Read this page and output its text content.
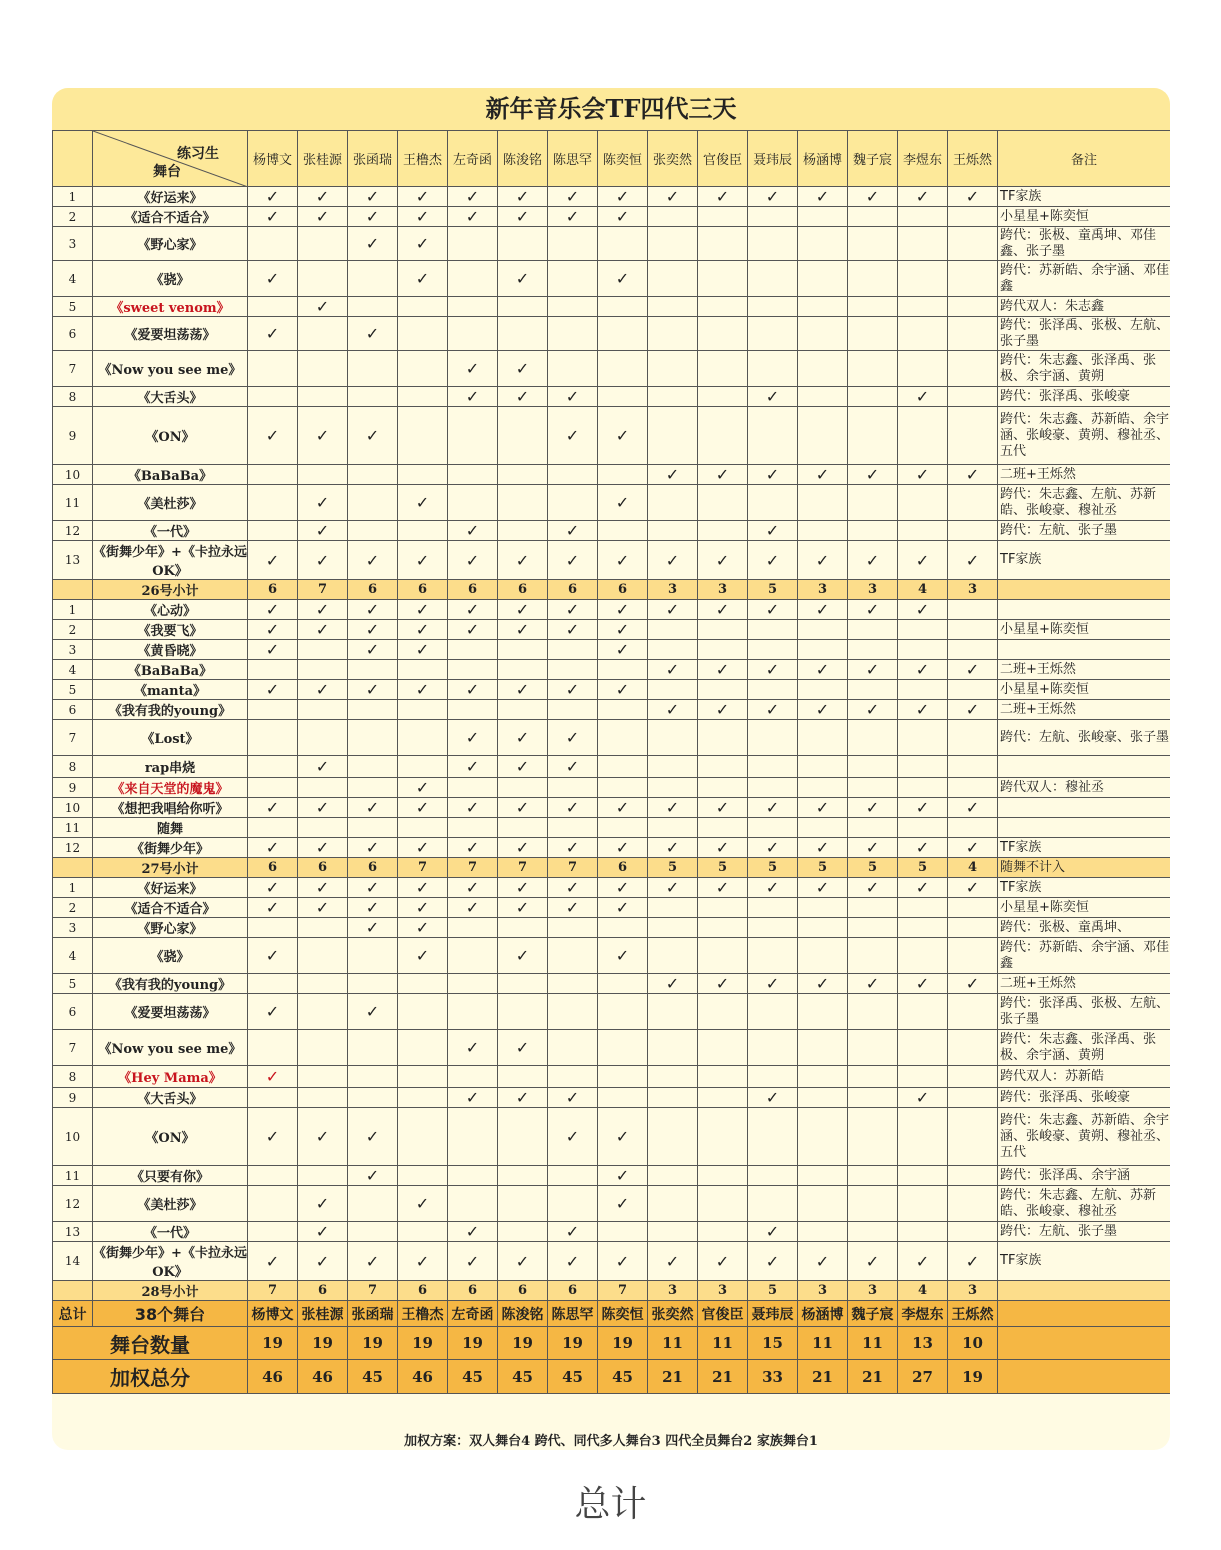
新年音乐会TF四代三天

	练习生
舞台	杨博文	张桂源	张函瑞	王橹杰	左奇函	陈浚铭	陈思罕	陈奕恒	张奕然	官俊臣	聂玮辰	杨涵博	魏子宸	李煜东	王烁然	备注
1	《好运来》	✓	✓	✓	✓	✓	✓	✓	✓	✓	✓	✓	✓	✓	✓	✓	TF家族
2	《适合不适合》	✓	✓	✓	✓	✓	✓	✓	✓								小星星+陈奕恒
3	《野心家》			✓	✓												跨代：张极、童禹坤、邓佳鑫、张子墨
4	《骁》	✓			✓		✓		✓								跨代：苏新皓、余宇涵、邓佳鑫
5	《sweet venom》		✓														跨代双人：朱志鑫
6	《爱要坦荡荡》	✓		✓													跨代：张泽禹、张极、左航、张子墨
7	《Now you see me》					✓	✓										跨代：朱志鑫、张泽禹、张极、余宇涵、黄朔
8	《大舌头》					✓	✓	✓				✓			✓		跨代：张泽禹、张峻豪
9	《ON》	✓	✓	✓				✓	✓								跨代：朱志鑫、苏新皓、余宇涵、张峻豪、黄朔、穆祉丞、五代
10	《BaBaBa》									✓	✓	✓	✓	✓	✓	✓	二班+王烁然
11	《美杜莎》		✓		✓				✓								跨代：朱志鑫、左航、苏新皓、张峻豪、穆祉丞
12	《一代》		✓			✓		✓				✓					跨代：左航、张子墨
13	《街舞少年》+《卡拉永远OK》	✓	✓	✓	✓	✓	✓	✓	✓	✓	✓	✓	✓	✓	✓	✓	TF家族
	26号小计	6	7	6	6	6	6	6	6	3	3	5	3	3	4	3	
1	《心动》	✓	✓	✓	✓	✓	✓	✓	✓	✓	✓	✓	✓	✓	✓		
2	《我要飞》	✓	✓	✓	✓	✓	✓	✓	✓								小星星+陈奕恒
3	《黄昏晓》	✓		✓	✓				✓								
4	《BaBaBa》									✓	✓	✓	✓	✓	✓	✓	二班+王烁然
5	《manta》	✓	✓	✓	✓	✓	✓	✓	✓								小星星+陈奕恒
6	《我有我的young》									✓	✓	✓	✓	✓	✓	✓	二班+王烁然
7	《Lost》					✓	✓	✓									跨代：左航、张峻豪、张子墨
8	rap串烧		✓			✓	✓	✓									
9	《来自天堂的魔鬼》				✓												跨代双人：穆祉丞
10	《想把我唱给你听》	✓	✓	✓	✓	✓	✓	✓	✓	✓	✓	✓	✓	✓	✓	✓	
11	随舞																
12	《街舞少年》	✓	✓	✓	✓	✓	✓	✓	✓	✓	✓	✓	✓	✓	✓	✓	TF家族
	27号小计	6	6	6	7	7	7	7	6	5	5	5	5	5	5	4	随舞不计入
1	《好运来》	✓	✓	✓	✓	✓	✓	✓	✓	✓	✓	✓	✓	✓	✓	✓	TF家族
2	《适合不适合》	✓	✓	✓	✓	✓	✓	✓	✓								小星星+陈奕恒
3	《野心家》			✓	✓												跨代：张极、童禹坤、
4	《骁》	✓			✓		✓		✓								跨代：苏新皓、余宇涵、邓佳鑫
5	《我有我的young》									✓	✓	✓	✓	✓	✓	✓	二班+王烁然
6	《爱要坦荡荡》	✓		✓													跨代：张泽禹、张极、左航、张子墨
7	《Now you see me》					✓	✓										跨代：朱志鑫、张泽禹、张极、余宇涵、黄朔
8	《Hey Mama》	✓															跨代双人：苏新皓
9	《大舌头》					✓	✓	✓				✓			✓		跨代：张泽禹、张峻豪
10	《ON》	✓	✓	✓				✓	✓								跨代：朱志鑫、苏新皓、余宇涵、张峻豪、黄朔、穆祉丞、五代
11	《只要有你》			✓					✓								跨代：张泽禹、余宇涵
12	《美杜莎》		✓		✓				✓								跨代：朱志鑫、左航、苏新皓、张峻豪、穆祉丞
13	《一代》		✓			✓		✓				✓					跨代：左航、张子墨
14	《街舞少年》+《卡拉永远OK》	✓	✓	✓	✓	✓	✓	✓	✓	✓	✓	✓	✓	✓	✓	✓	TF家族
	28号小计	7	6	7	6	6	6	6	7	3	3	5	3	3	4	3	
总计	38个舞台	杨博文	张桂源	张函瑞	王橹杰	左奇函	陈浚铭	陈思罕	陈奕恒	张奕然	官俊臣	聂玮辰	杨涵博	魏子宸	李煜东	王烁然	
舞台数量		19	19	19	19	19	19	19	19	11	11	15	11	11	13	10	
加权总分		46	46	45	46	45	45	45	45	21	21	33	21	21	27	19	
加权方案：双人舞台4 跨代、同代多人舞台3 四代全员舞台2 家族舞台1
总计
